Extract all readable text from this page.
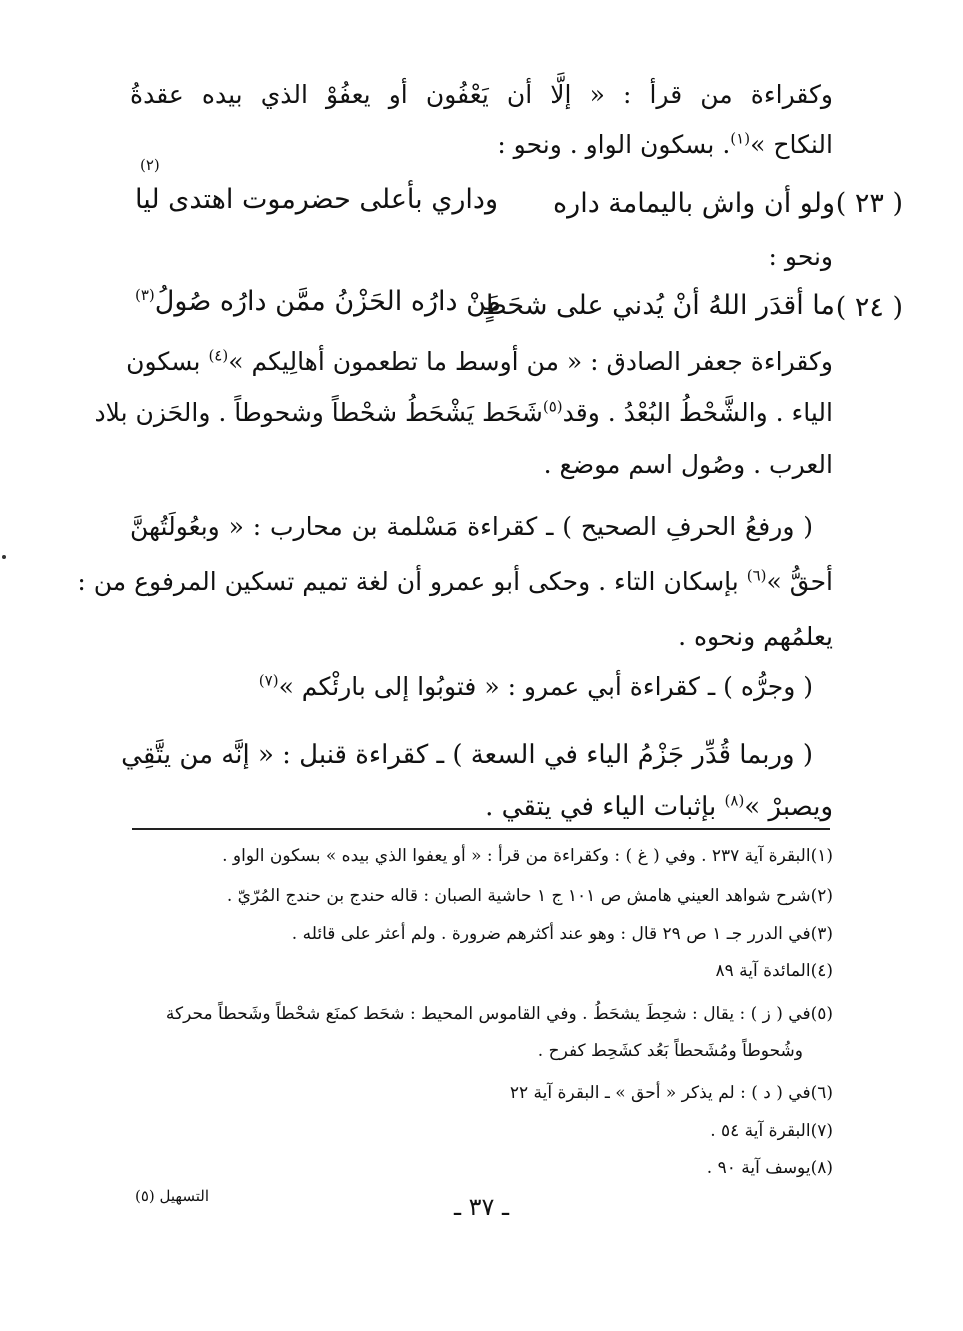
وكقراءة من قرأ : « إلَّا أن يَعْفُون أو يعفُوْ الذي بيده عقدةُ
النكاح »$^{(١)}$. بسكون الواو . ونحو :
( ٢٣ )
ولو أن واش باليمامة داره
وداري بأعلى حضرموت اهتدى ليا
(٢)
ونحو :
( ٢٤ )
ما أقدَر اللهُ أنْ يُدني على شحَطٍ
مَنْ دارُه الحَزْنُ ممَّن دارُه صُولُ$^{(٣)}$
وكقراءة جعفر الصادق : « من أوسط ما تطعمون أهالِيكم »$^{(٤)}$ بسكون
الياء . والشَّحْطُ البُعْدُ . وقد$^{(٥)}$شَحَط يَشْحَطُ شحْطاً وشحوطاً . والحَزن بلاد
العرب . وصُول اسم موضع .
( ورفعُ الحرفِ الصحيح ) ـ كقراءة مَسْلمة بن محارب : « وبعُولَتُهنَّ
أحقُّ »$^{(٦)}$ بإسكان التاء . وحكى أبو عمرو أن لغة تميم تسكين المرفوع من :
يعلمُهم ونحوه .
( وجرُّه ) ـ كقراءة أبي عمرو : « فتوبُوا إلى بارئْكم »$^{(٧)}$
( وربما قُدِّر جَزْمُ الياء في السعة ) ـ كقراءة قنبل : « إنَّه من يتَّقِي
ويصبرْ »$^{(٨)}$ بإثبات الياء في يتقي .
(١)البقرة آية ٢٣٧ . وفي ( غ ) : وكقراءة من قرأ : « أو يعفوا الذي بيده » بسكون الواو .
(٢)شرح شواهد العيني هامش ص ١٠١ ج ١ حاشية الصبان : قاله حندج بن حندج المُرّيّ .
(٣)في الدرر جـ ١ ص ٢٩ قال : وهو عند أكثرهم ضرورة . ولم أعثر على قائله .
(٤)المائدة آية ٨٩
(٥)في ( ز ) : يقال : شحِطَ يشحَطُ . وفي القاموس المحيط : شحَط كمنَع شحْطاً وشَحطاً محركة
وشُحوطاً ومُشَحطاً بَعُد كشَحِط كفرح .
(٦)في ( د ) : لم يذكر « أحق » ـ البقرة آية ٢٢
(٧)البقرة آية ٥٤ .
(٨)يوسف آية ٩٠ .
التسهيل (٥)	ـ ٣٧ ـ
